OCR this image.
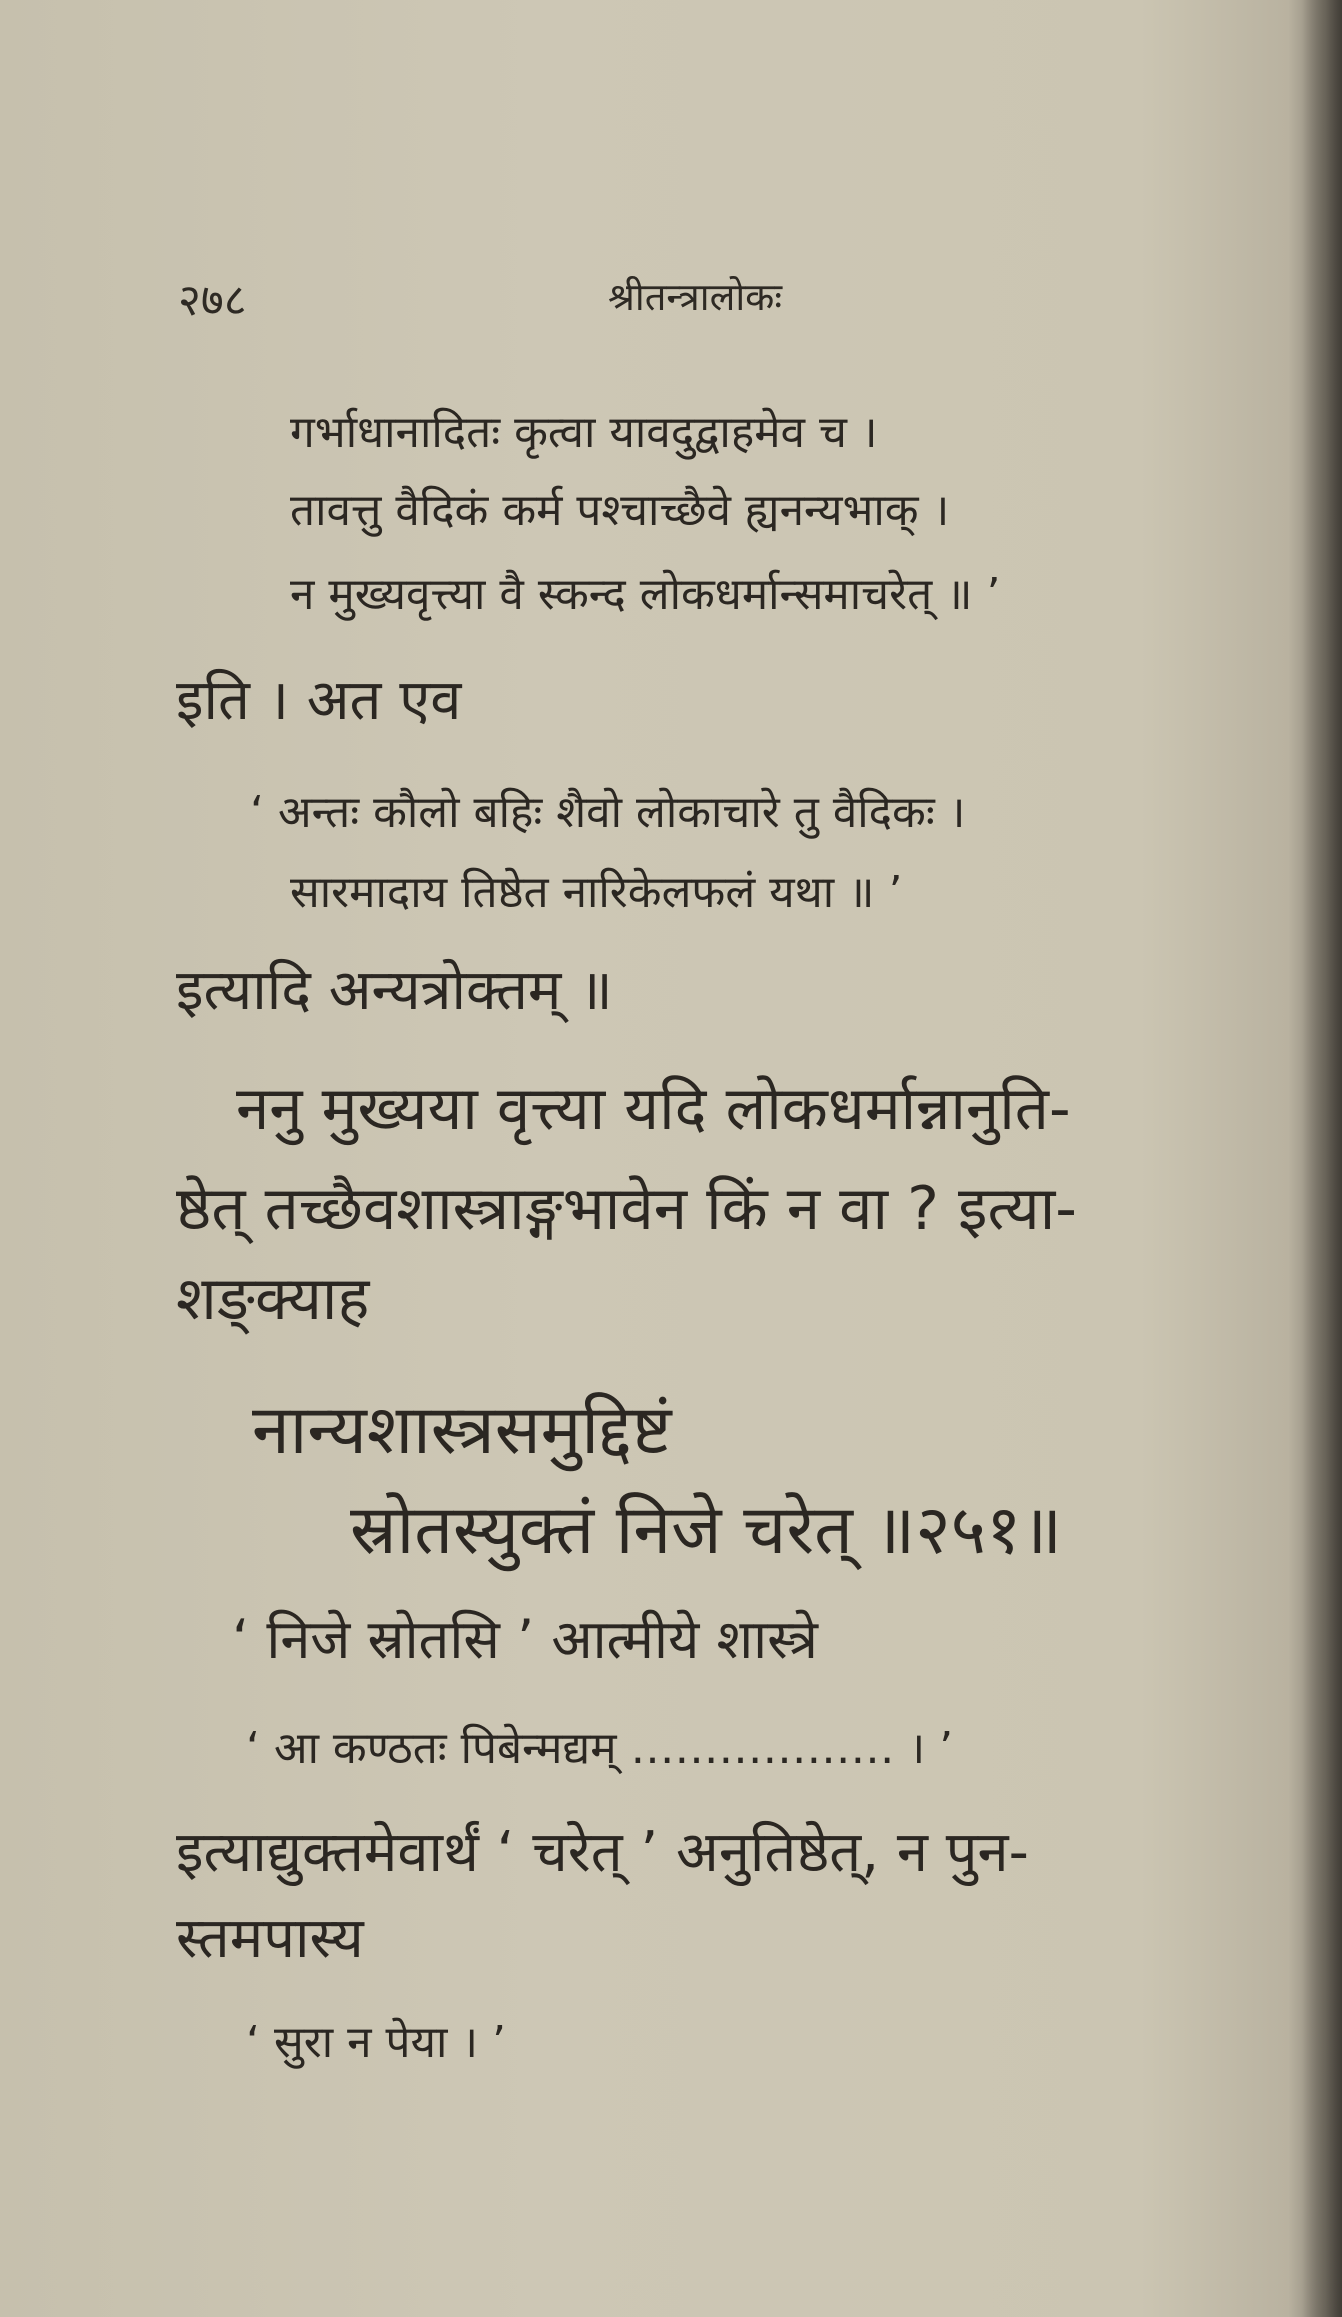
२७८	श्रीतन्त्रालोकः
गर्भाधानादितः कृत्वा यावदुद्वाहमेव च ।
तावत्तु वैदिकं कर्म पश्चाच्छैवे ह्यनन्यभाक् ।
न मुख्यवृत्त्या वै स्कन्द लोकधर्मान्समाचरेत् ॥ ’
इति । अत एव
‘ अन्तः कौलो बहिः शैवो लोकाचारे तु वैदिकः ।
सारमादाय तिष्ठेत नारिकेलफलं यथा ॥ ’
इत्यादि अन्यत्रोक्तम् ॥
ननु मुख्यया वृत्त्या यदि लोकधर्मान्नानुति-
ष्ठेत् तच्छैवशास्त्राङ्गभावेन किं न वा ? इत्या-
शङ्क्याह
नान्यशास्त्रसमुद्दिष्टं
स्रोतस्युक्तं निजे चरेत् ॥२५१॥
‘ निजे स्रोतसि ’ आत्मीये शास्त्रे
‘ आ कण्ठतः पिबेन्मद्यम् ……………… । ’
इत्याद्युक्तमेवार्थं ‘ चरेत् ’ अनुतिष्ठेत्, न पुन-
स्तमपास्य
‘ सुरा न पेया । ’
